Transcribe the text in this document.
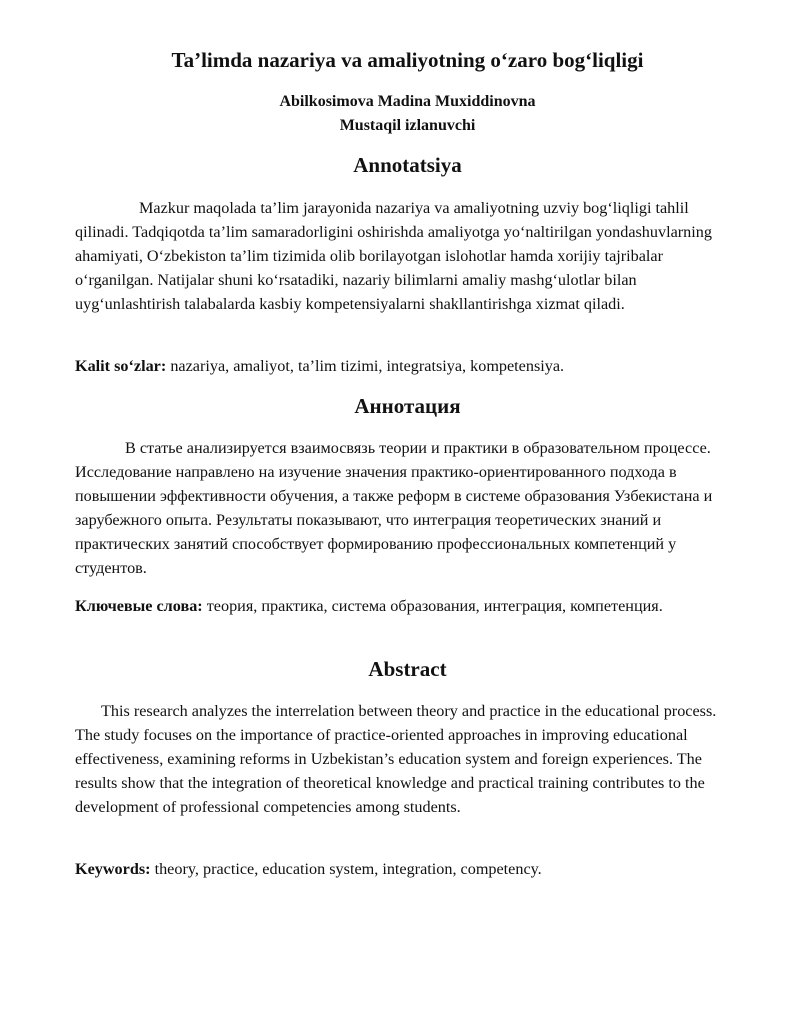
Ta’limda nazariya va amaliyotning o‘zaro bog‘liqligi
Abilkosimova Madina Muxiddinovna
Mustaqil izlanuvchi
Annotatsiya

Mazkur maqolada ta’lim jarayonida nazariya va amaliyotning uzviy bog‘liqligi tahlil qilinadi. Tadqiqotda ta’lim samaradorligini oshirishda amaliyotga yo‘naltirilgan yondashuvlarning ahamiyati, O‘zbekiston ta’lim tizimida olib borilayotgan islohotlar hamda xorijiy tajribalar o‘rganilgan. Natijalar shuni ko‘rsatadiki, nazariy bilimlarni amaliy mashg‘ulotlar bilan uyg‘unlashtirish talabalarda kasbiy kompetensiyalarni shakllantirishga xizmat qiladi.

Kalit so‘zlar: nazariya, amaliyot, ta’lim tizimi, integratsiya, kompetensiya.

Аннотация

В статье анализируется взаимосвязь теории и практики в образовательном процессе. Исследование направлено на изучение значения практико-ориентированного подхода в повышении эффективности обучения, а также реформ в системе образования Узбекистана и зарубежного опыта. Результаты показывают, что интеграция теоретических знаний и практических занятий способствует формированию профессиональных компетенций у студентов.

Ключевые слова: теория, практика, система образования, интеграция, компетенция.

Abstract

This research analyzes the interrelation between theory and practice in the educational process. The study focuses on the importance of practice-oriented approaches in improving educational effectiveness, examining reforms in Uzbekistan’s education system and foreign experiences. The results show that the integration of theoretical knowledge and practical training contributes to the development of professional competencies among students.

Keywords: theory, practice, education system, integration, competency.
